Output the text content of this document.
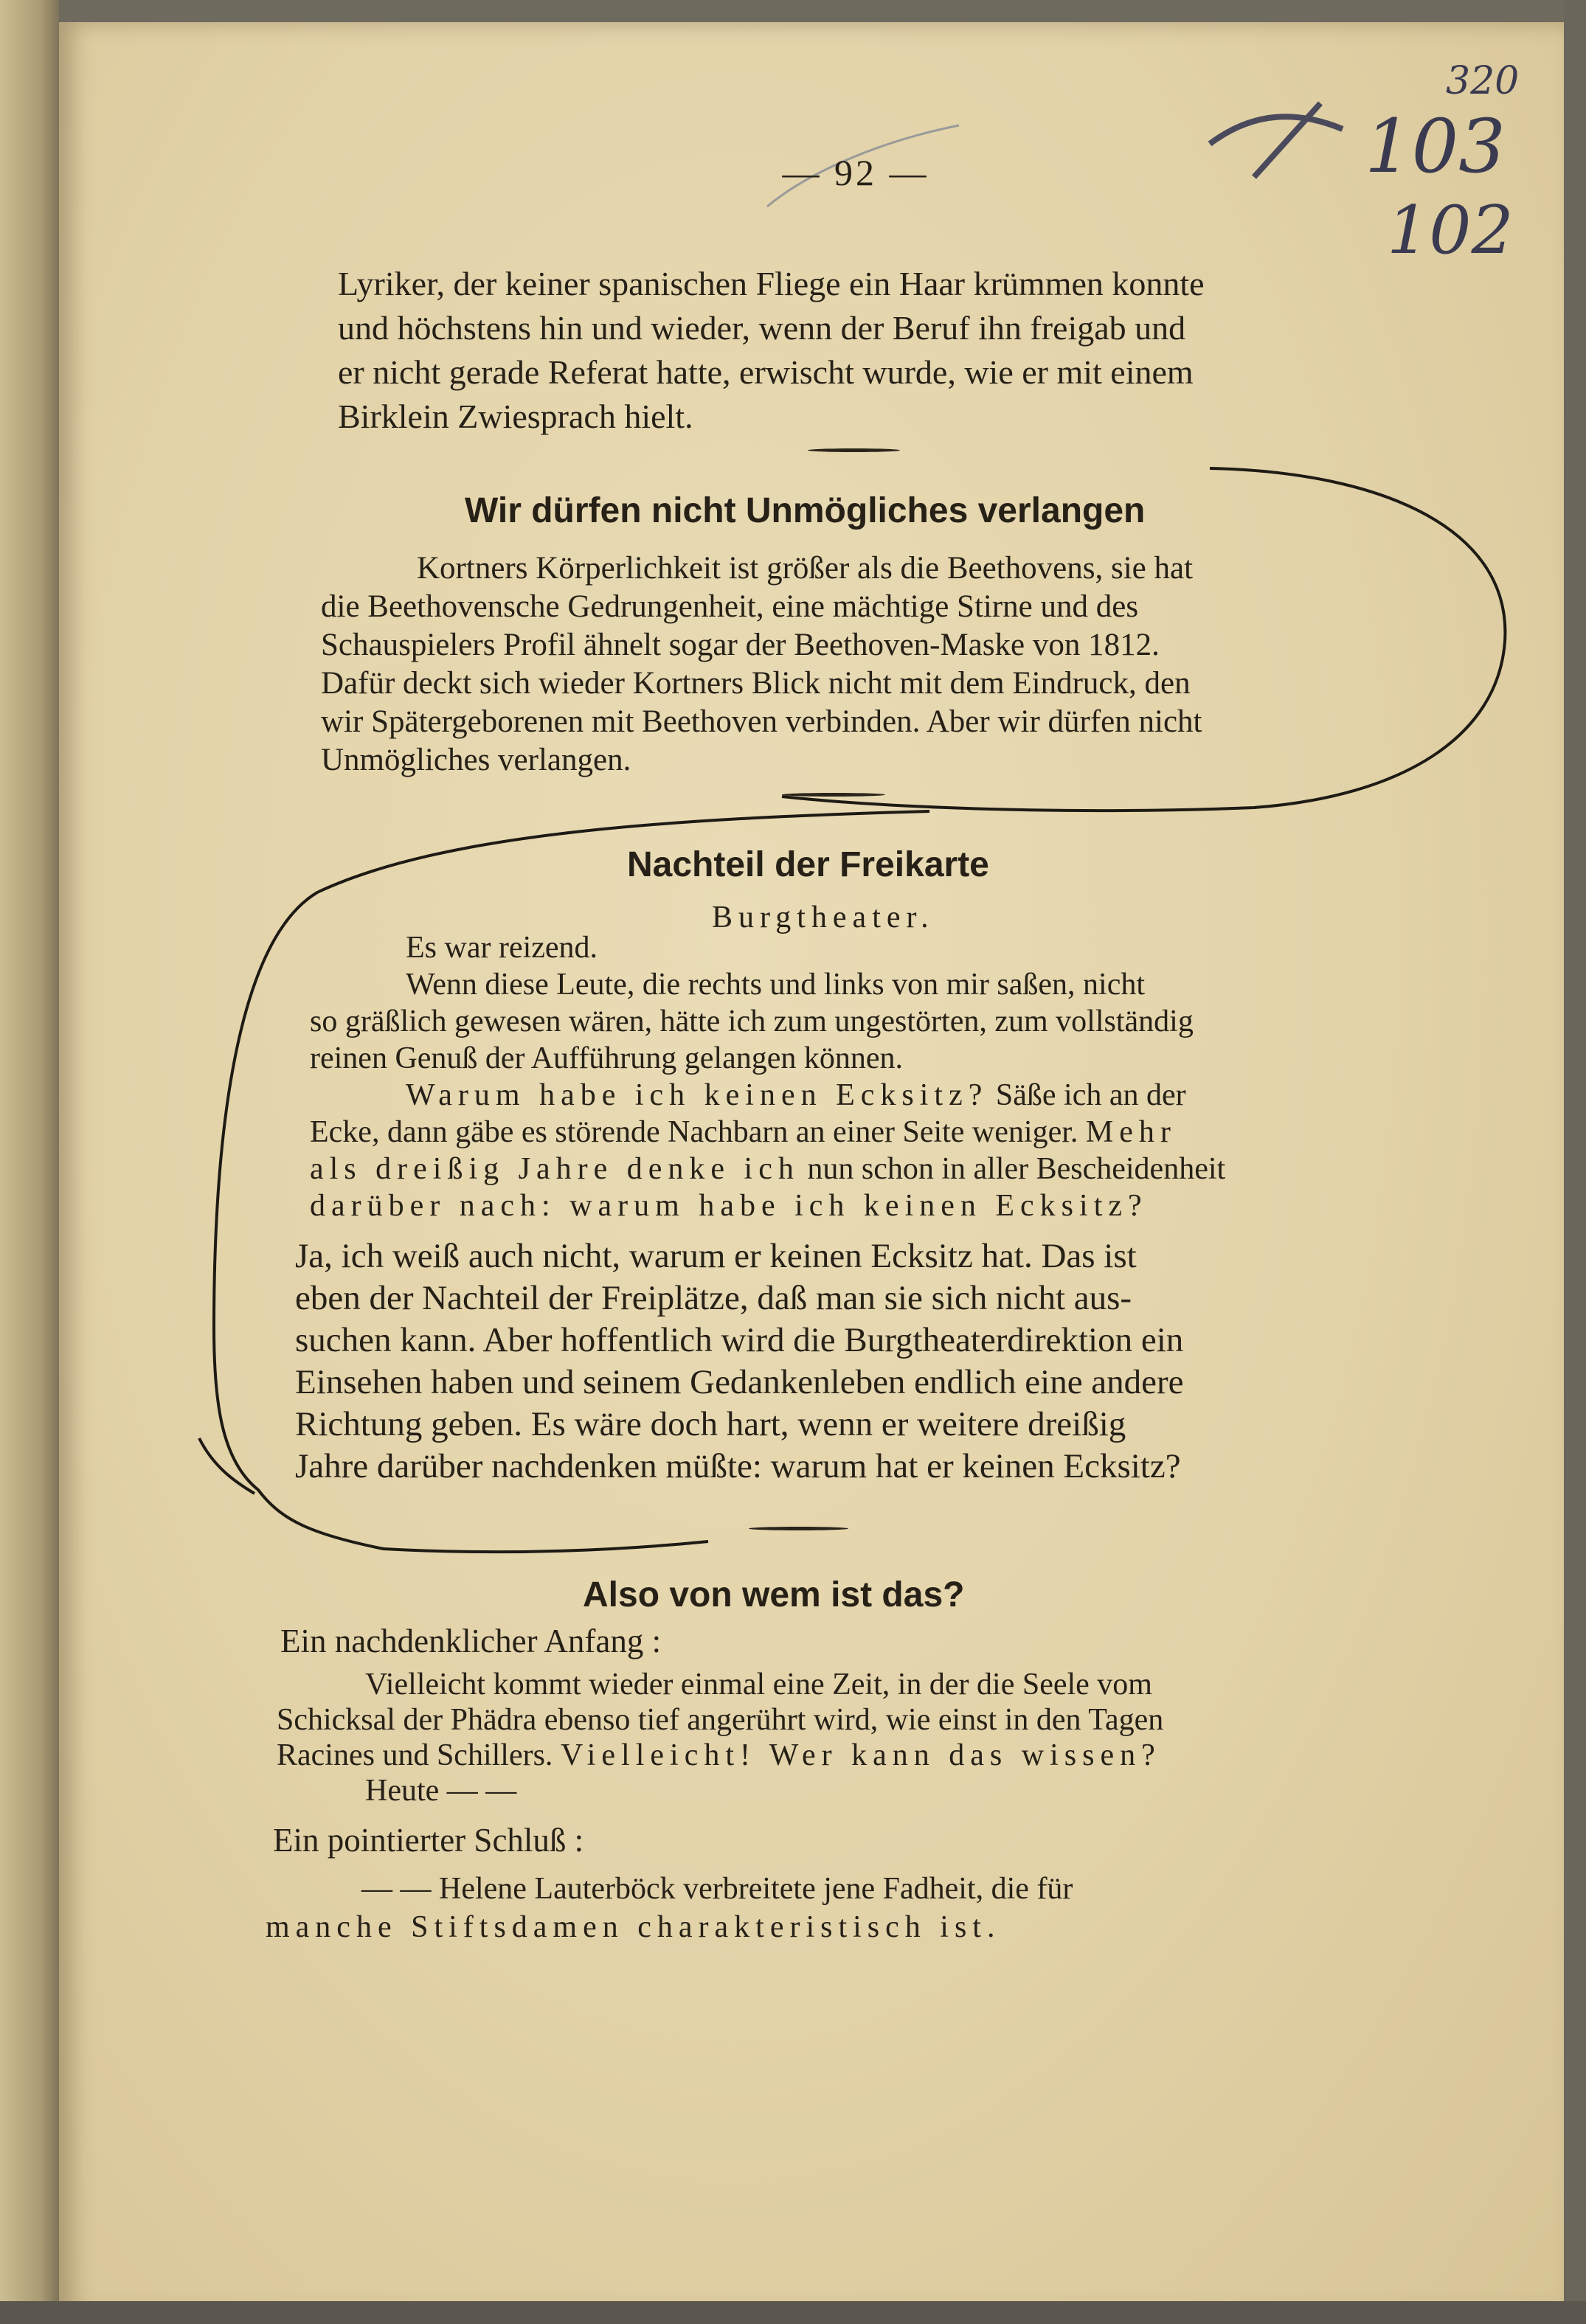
320
103
102
— 92 —

Lyriker, der keiner spanischen Fliege ein Haar krümmen konnte

und höchstens hin und wieder, wenn der Beruf ihn freigab und

er nicht gerade Referat hatte, erwischt wurde, wie er mit einem

Birklein Zwiesprach hielt.

Wir dürfen nicht Unmögliches verlangen

Kortners Körperlichkeit ist größer als die Beethovens, sie hat

die Beethovensche Gedrungenheit, eine mächtige Stirne und des

Schauspielers Profil ähnelt sogar der Beethoven-Maske von 1812.

Dafür deckt sich wieder Kortners Blick nicht mit dem Eindruck, den

wir Spätergeborenen mit Beethoven verbinden. Aber wir dürfen nicht

Unmögliches verlangen.

Nachteil der Freikarte
Burgtheater.

Es war reizend.

Wenn diese Leute, die rechts und links von mir saßen, nicht

so gräßlich gewesen wären, hätte ich zum ungestörten, zum vollständig

reinen Genuß der Aufführung gelangen können.

Warum habe ich keinen Ecksitz? Säße ich an der

Ecke, dann gäbe es störende Nachbarn an einer Seite weniger. Mehr

als dreißig Jahre denke ich nun schon in aller Bescheidenheit

darüber nach: warum habe ich keinen Ecksitz?

Ja, ich weiß auch nicht, warum er keinen Ecksitz hat. Das ist

eben der Nachteil der Freiplätze, daß man sie sich nicht aus-

suchen kann. Aber hoffentlich wird die Burgtheaterdirektion ein

Einsehen haben und seinem Gedankenleben endlich eine andere

Richtung geben. Es wäre doch hart, wenn er weitere dreißig

Jahre darüber nachdenken müßte: warum hat er keinen Ecksitz?

Also von wem ist das?
Ein nachdenklicher Anfang :

Vielleicht kommt wieder einmal eine Zeit, in der die Seele vom

Schicksal der Phädra ebenso tief angerührt wird, wie einst in den Tagen

Racines und Schillers. Vielleicht! Wer kann das wissen?

Heute — —

Ein pointierter Schluß :

— — Helene Lauterböck verbreitete jene Fadheit, die für

manche Stiftsdamen charakteristisch ist.
